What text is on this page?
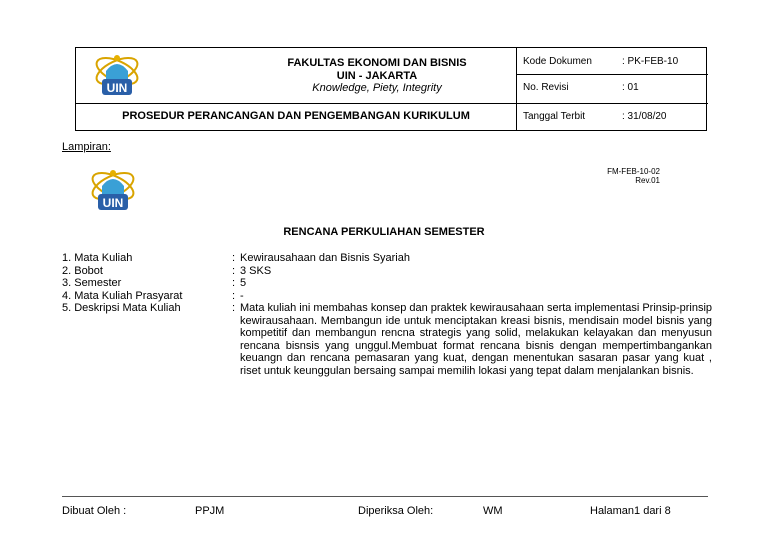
UIN
FAKULTAS EKONOMI DAN BISNIS
UIN - JAKARTA
Knowledge, Piety, Integrity
PROSEDUR PERANCANGAN DAN PENGEMBANGAN KURIKULUM
Kode Dokumen	: PK-FEB-10
No. Revisi	: 01
Tanggal Terbit	: 31/08/20
Lampiran:
UIN
FM-FEB-10-02
Rev.01
RENCANA PERKULIAHAN SEMESTER
1. Mata Kuliah	: Kewirausahaan dan Bisnis Syariah
2. Bobot	: 3 SKS
3. Semester	: 5
4. Mata Kuliah Prasyarat	: -
5. Deskripsi Mata Kuliah	: Mata kuliah ini membahas konsep dan praktek kewirausahaan serta implementasi Prinsip-prinsip kewirausahaan. Membangun ide untuk menciptakan kreasi bisnis, mendisain model bisnis yang kompetitif dan membangun rencna strategis yang solid, melakukan kelayakan dan menyusun rencana bisnsis yang unggul.Membuat format rencana bisnis dengan mempertimbangankan keuangn dan rencana pemasaran yang kuat, dengan menentukan sasaran pasar yang kuat , riset untuk keunggulan bersaing sampai memilih lokasi yang tepat dalam menjalankan bisnis.
Dibuat Oleh :	PPJM	Diperiksa Oleh:	WM	Halaman1 dari 8
